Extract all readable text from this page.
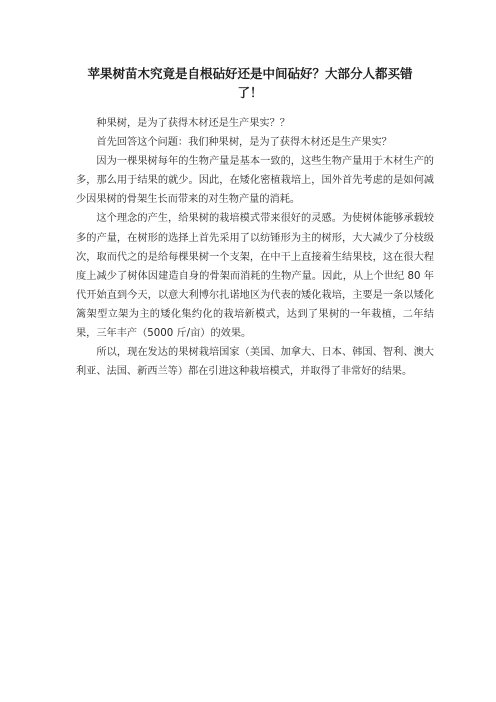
苹果树苗木究竟是自根砧好还是中间砧好？大部分人都买错了！

种果树，是为了获得木材还是生产果实？？

首先回答这个问题：我们种果树，是为了获得木材还是生产果实？

因为一棵果树每年的生物产量是基本一致的，这些生物产量用于木材生产的多，那么用于结果的就少。因此，在矮化密植栽培上，国外首先考虑的是如何减少因果树的骨架生长而带来的对生物产量的消耗。

这个理念的产生，给果树的栽培模式带来很好的灵感。为使树体能够承载较多的产量，在树形的选择上首先采用了以纺锤形为主的树形，大大减少了分枝级次，取而代之的是给每棵果树一个支架，在中干上直接着生结果枝，这在很大程度上减少了树体因建造自身的骨架而消耗的生物产量。因此，从上个世纪 80 年代开始直到今天，以意大利博尔扎诺地区为代表的矮化栽培，主要是一条以矮化篱架型立架为主的矮化集约化的栽培新模式，达到了果树的一年栽植，二年结果，三年丰产（5000 斤/亩）的效果。

所以，现在发达的果树栽培国家（美国、加拿大、日本、韩国、智利、澳大利亚、法国、新西兰等）都在引进这种栽培模式，并取得了非常好的结果。
